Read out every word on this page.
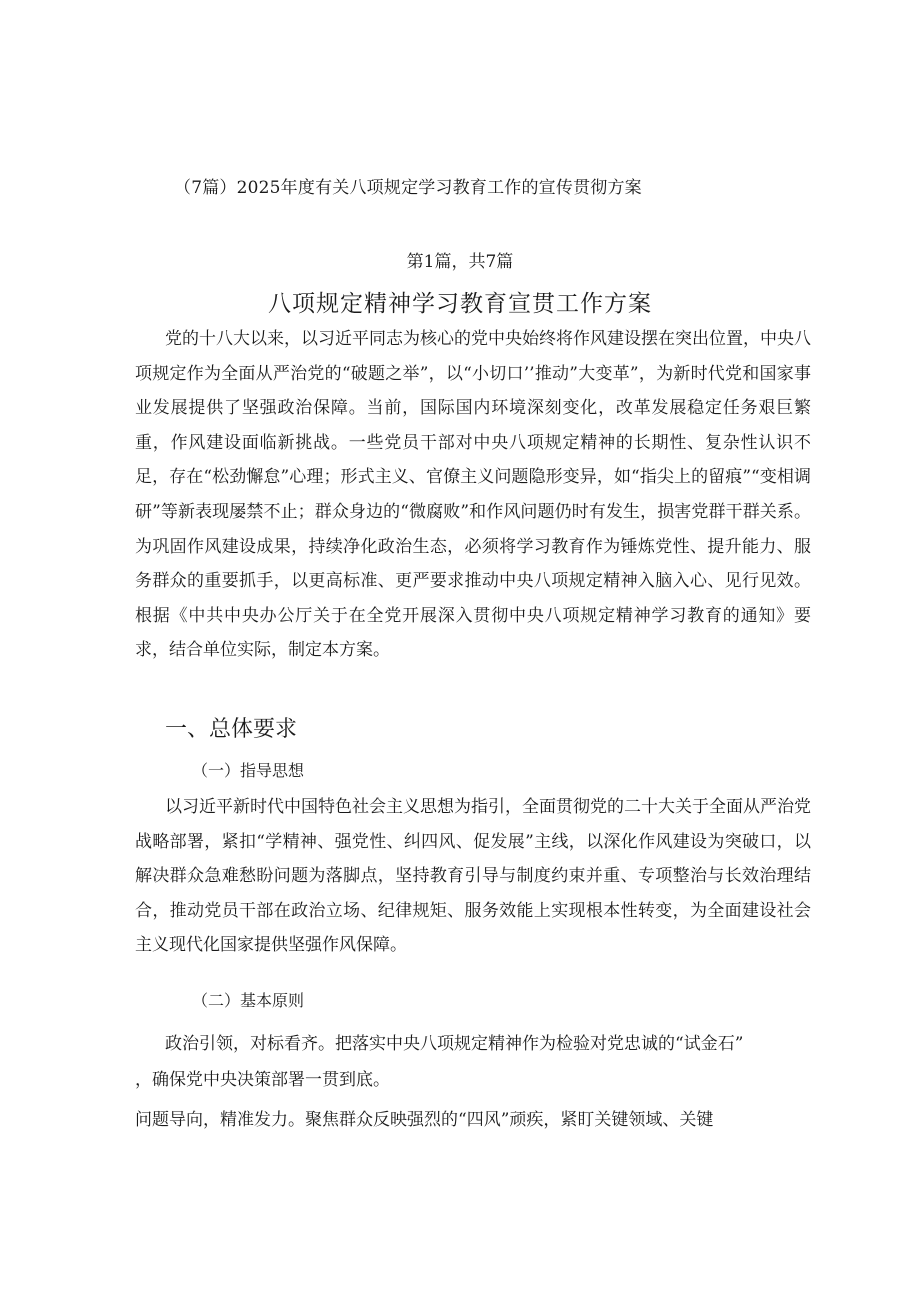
（7篇）2025年度有关八项规定学习教育工作的宣传贯彻方案
第1篇，共7篇
八项规定精神学习教育宣贯工作方案
党的十八大以来，以习近平同志为核心的党中央始终将作风建设摆在突出位置，中央八项规定作为全面从严治党的“破题之举”，以“小切口’’推动”大变革”，为新时代党和国家事业发展提供了坚强政治保障。当前，国际国内环境深刻变化，改革发展稳定任务艰巨繁重，作风建设面临新挑战。一些党员干部对中央八项规定精神的长期性、复杂性认识不足，存在“松劲懈怠”心理；形式主义、官僚主义问题隐形变异，如“指尖上的留痕”“变相调研”等新表现屡禁不止；群众身边的“微腐败”和作风问题仍时有发生，损害党群干群关系。为巩固作风建设成果，持续净化政治生态，必须将学习教育作为锤炼党性、提升能力、服务群众的重要抓手，以更高标准、更严要求推动中央八项规定精神入脑入心、见行见效。根据《中共中央办公厅关于在全党开展深入贯彻中央八项规定精神学习教育的通知》要求，结合单位实际，制定本方案。
一、总体要求
（一）指导思想
以习近平新时代中国特色社会主义思想为指引，全面贯彻党的二十大关于全面从严治党战略部署，紧扣“学精神、强党性、纠四风、促发展”主线，以深化作风建设为突破口，以解决群众急难愁盼问题为落脚点，坚持教育引导与制度约束并重、专项整治与长效治理结合，推动党员干部在政治立场、纪律规矩、服务效能上实现根本性转变，为全面建设社会主义现代化国家提供坚强作风保障。
（二）基本原则
政治引领，对标看齐。把落实中央八项规定精神作为检验对党忠诚的“试金石”
，确保党中央决策部署一贯到底。
问题导向，精准发力。聚焦群众反映强烈的“四风”顽疾，紧盯关键领域、关键
